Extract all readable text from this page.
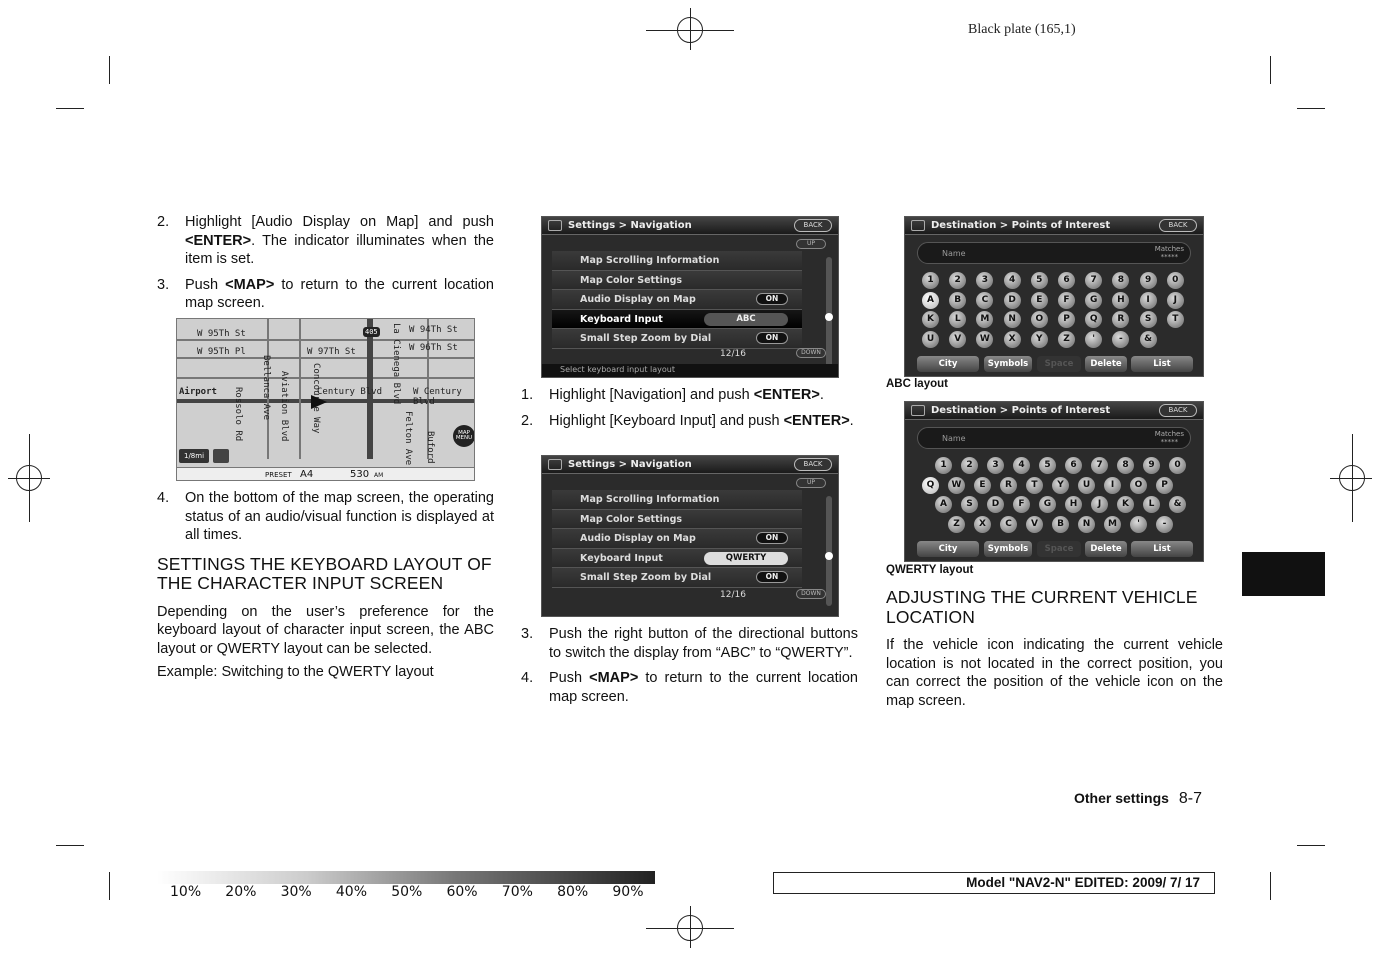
Black plate (165,1)
2. Highlight [Audio Display on Map] and push <ENTER>. The indicator illuminates when the item is set.
3. Push <MAP> to return to the current location map screen.
W 95Th St
W 95Th Pl	W 97Th St
W 94Th St
W 96Th St
Century Blvd	W Century Blvd
Bellanca Ave Aviation Blvd Concourse Way	La Cienega Blvd
Felton Ave Buford
Airport Rossolo Rd
405
MAP MENU
1/8mi
PRESET A4	530 AM
4. On the bottom of the map screen, the operating status of an audio/visual function is displayed at all times.
SETTINGS THE KEYBOARD LAYOUT OF THE CHARACTER INPUT SCREEN
Depending on the user’s preference for the keyboard layout of character input screen, the ABC layout or QWERTY layout can be selected.
Example: Switching to the QWERTY layout
Settings > Navigation	BACK
UP
Map Scrolling Information
Map Color Settings
Audio Display on Map	ON
Keyboard Input	ABC
Small Step Zoom by Dial	ON
12/16	DOWN
Select keyboard input layout
1. Highlight [Navigation] and push <ENTER>.
2. Highlight [Keyboard Input] and push <ENTER>.
Settings > Navigation	BACK
UP
Map Scrolling Information
Map Color Settings
Audio Display on Map	ON
Keyboard Input	QWERTY
Small Step Zoom by Dial	ON
12/16	DOWN
3. Push the right button of the directional buttons to switch the display from “ABC” to “QWERTY”.
4. Push <MAP> to return to the current location map screen.
Destination > Points of Interest	BACK
Name	Matches
*****
1	2	3	4	5	6	7	8	9	0
A	B	C	D	E	F	G	H	I	J
K	L	M	N	O	P	Q	R	S	T
U	V	W	X	Y	Z	'	-	&
City	Symbols	Space	Delete	List
ABC layout
Destination > Points of Interest	BACK
Name	Matches
*****
1	2	3	4	5	6	7	8	9	0
Q	W	E	R	T	Y	U	I	O	P
A	S	D	F	G	H	J	K	L	&
Z	X	C	V	B	N	M	'	-
City	Symbols	Space	Delete	List
QWERTY layout
ADJUSTING THE CURRENT VEHICLE LOCATION
If the vehicle icon indicating the current vehicle location is not located in the correct position, you can correct the position of the vehicle icon on the map screen.
Other settings 8-7
10% 20% 30% 40% 50% 60% 70% 80% 90%
Model "NAV2-N" EDITED: 2009/ 7/ 17
